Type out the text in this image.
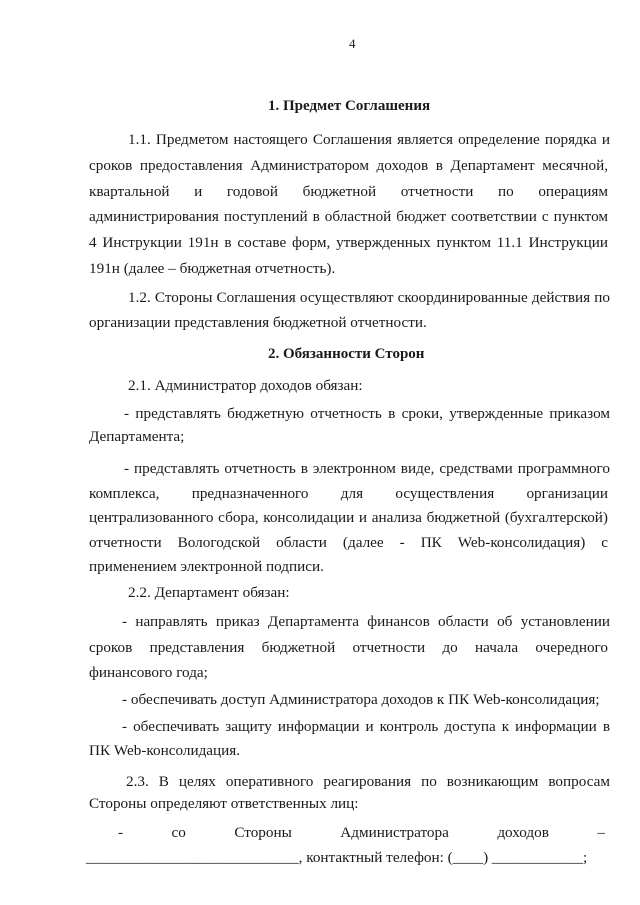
4
1. Предмет Соглашения
1.1. Предметом настоящего Соглашения является определение порядка и
сроков предоставления Администратором доходов в Департамент месячной,
квартальной и годовой бюджетной отчетности по операциям
администрирования поступлений в областной бюджет соответствии с пунктом
4 Инструкции 191н в составе форм, утвержденных пунктом 11.1 Инструкции
191н (далее – бюджетная отчетность).
1.2. Стороны Соглашения осуществляют скоординированные действия по
организации представления бюджетной отчетности.
2. Обязанности Сторон
2.1. Администратор доходов обязан:
- представлять бюджетную отчетность в сроки, утвержденные приказом
Департамента;
- представлять отчетность в электронном виде, средствами программного
комплекса, предназначенного для осуществления организации
централизованного сбора, консолидации и анализа бюджетной (бухгалтерской)
отчетности Вологодской области (далее - ПК Web-консолидация) с
применением электронной подписи.
2.2. Департамент обязан:
- направлять приказ Департамента финансов области об установлении
сроков представления бюджетной отчетности до начала очередного
финансового года;
- обеспечивать доступ Администратора доходов к ПК Web-консолидация;
- обеспечивать защиту информации и контроль доступа к информации в
ПК Web-консолидация.
2.3. В целях оперативного реагирования по возникающим вопросам
Стороны определяют ответственных лиц:
- со Стороны Администратора доходов –
____________________________, контактный телефон: (____) ____________;
